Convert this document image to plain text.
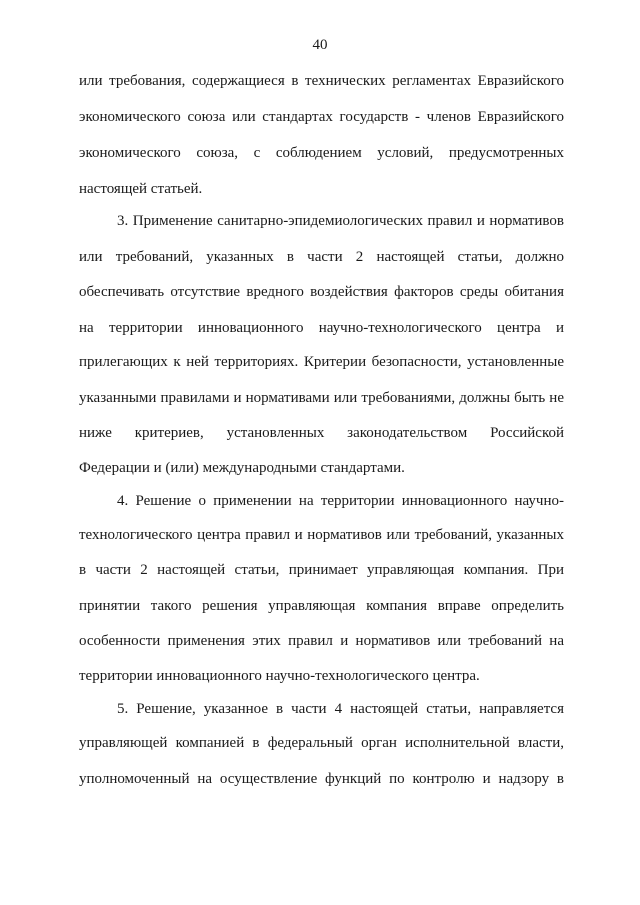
40
или требования, содержащиеся в технических регламентах Евразийского
экономического союза или стандартах государств - членов Евразийского
экономического союза, с соблюдением условий, предусмотренных
настоящей статьей.
3. Применение санитарно-эпидемиологических правил и нормативов
или требований, указанных в части 2 настоящей статьи, должно
обеспечивать отсутствие вредного воздействия факторов среды обитания
на территории инновационного научно-технологического центра и
прилегающих к ней территориях. Критерии безопасности, установленные
указанными правилами и нормативами или требованиями, должны быть не
ниже критериев, установленных законодательством Российской
Федерации и (или) международными стандартами.
4. Решение о применении на территории инновационного научно-
технологического центра правил и нормативов или требований, указанных
в части 2 настоящей статьи, принимает управляющая компания. При
принятии такого решения управляющая компания вправе определить
особенности применения этих правил и нормативов или требований на
территории инновационного научно-технологического центра.
5. Решение, указанное в части 4 настоящей статьи, направляется
управляющей компанией в федеральный орган исполнительной власти,
уполномоченный на осуществление функций по контролю и надзору в
